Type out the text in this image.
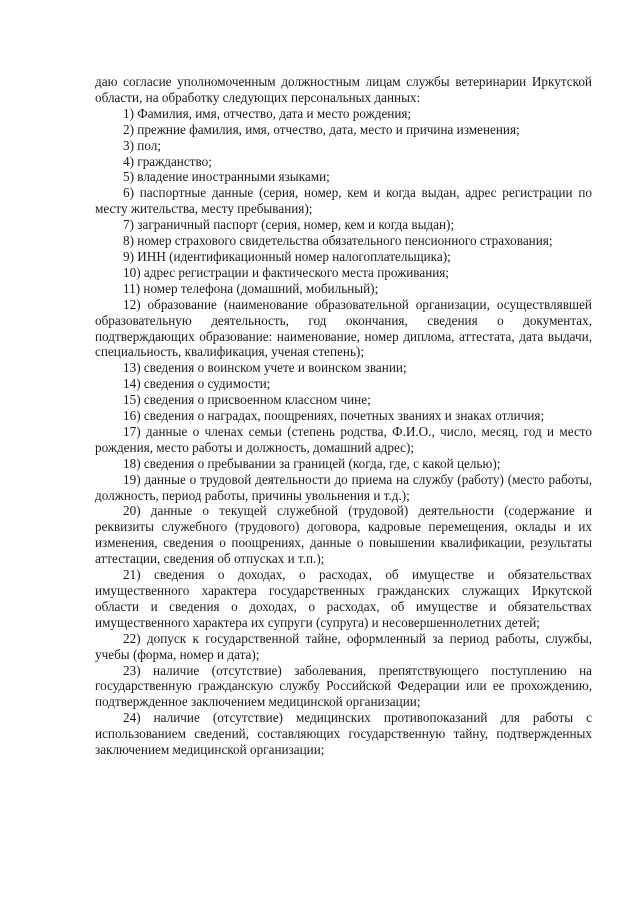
даю согласие уполномоченным должностным лицам службы ветеринарии Иркутской области, на обработку следующих персональных данных:

1) Фамилия, имя, отчество, дата и место рождения;

2) прежние фамилия, имя, отчество, дата, место и причина изменения;

3) пол;

4) гражданство;

5) владение иностранными языками;

6) паспортные данные (серия, номер, кем и когда выдан, адрес регистрации по месту жительства, месту пребывания);

7) заграничный паспорт (серия, номер, кем и когда выдан);

8) номер страхового свидетельства обязательного пенсионного страхования;

9) ИНН (идентификационный номер налогоплательщика);

10) адрес регистрации и фактического места проживания;

11) номер телефона (домашний, мобильный);

12) образование (наименование образовательной организации, осуществлявшей образовательную деятельность, год окончания, сведения о документах, подтверждающих образование: наименование, номер диплома, аттестата, дата выдачи, специальность, квалификация, ученая степень);

13) сведения о воинском учете и воинском звании;

14) сведения о судимости;

15) сведения о присвоенном классном чине;

16) сведения о наградах, поощрениях, почетных званиях и знаках отличия;

17) данные о членах семьи (степень родства, Ф.И.О., число, месяц, год и место рождения, место работы и должность, домашний адрес);

18) сведения о пребывании за границей (когда, где, с какой целью);

19) данные о трудовой деятельности до приема на службу (работу) (место работы, должность, период работы, причины увольнения и т.д.);

20) данные о текущей служебной (трудовой) деятельности (содержание и реквизиты служебного (трудового) договора, кадровые перемещения, оклады и их изменения, сведения о поощрениях, данные о повышении квалификации, результаты аттестации, сведения об отпусках и т.п.);

21) сведения о доходах, о расходах, об имуществе и обязательствах имущественного характера государственных гражданских служащих Иркутской области и сведения о доходах, о расходах, об имуществе и обязательствах имущественного характера их супруги (супруга) и несовершеннолетних детей;

22) допуск к государственной тайне, оформленный за период работы, службы, учебы (форма, номер и дата);

23) наличие (отсутствие) заболевания, препятствующего поступлению на государственную гражданскую службу Российской Федерации или ее прохождению, подтвержденное заключением медицинской организации;

24) наличие (отсутствие) медицинских противопоказаний для работы с использованием сведений, составляющих государственную тайну, подтвержденных заключением медицинской организации;
